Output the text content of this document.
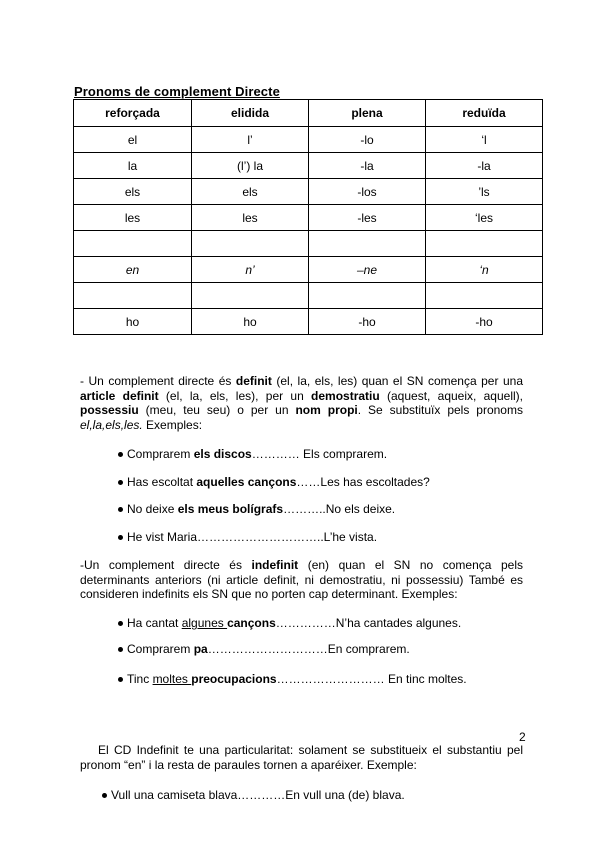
Pronoms de complement Directe
reforçada	elidida	plena	reduïda
el	l’	-lo	‘l
la	(l’) la	-la	-la
els	els	-los	’ls
les	les	-les	‘les

en	n’	–ne	‘n

ho	ho	-ho	-ho

- Un complement directe és definit (el, la, els, les) quan el SN comença per una article definit (el, la, els, les), per un demostratiu (aquest, aqueix, aquell), possessiu (meu, teu seu) o per un nom propi. Se substituïx pels pronoms el,la,els,les. Exemples:

Comprarem els discos………… Els comprarem.

Has escoltat aquelles cançons……Les has escoltades?

No deixe els meus bolígrafs………..No els deixe.

He vist Maria…………………………..L’he vista.

-Un complement directe és indefinit (en) quan el SN no comença pels determinants anteriors (ni article definit, ni demostratiu, ni possessiu) També es consideren indefinits els SN que no porten cap determinant. Exemples:

Ha cantat algunes cançons……………N’ha cantades algunes.

Comprarem pa…………………………En comprarem.

Tinc moltes preocupacions……………………… En tinc moltes.

2

El CD Indefinit te una particularitat: solament se substitueix el substantiu pel pronom “en” i la resta de paraules tornen a aparéixer. Exemple:

Vull una camiseta blava…………En vull una (de) blava.
